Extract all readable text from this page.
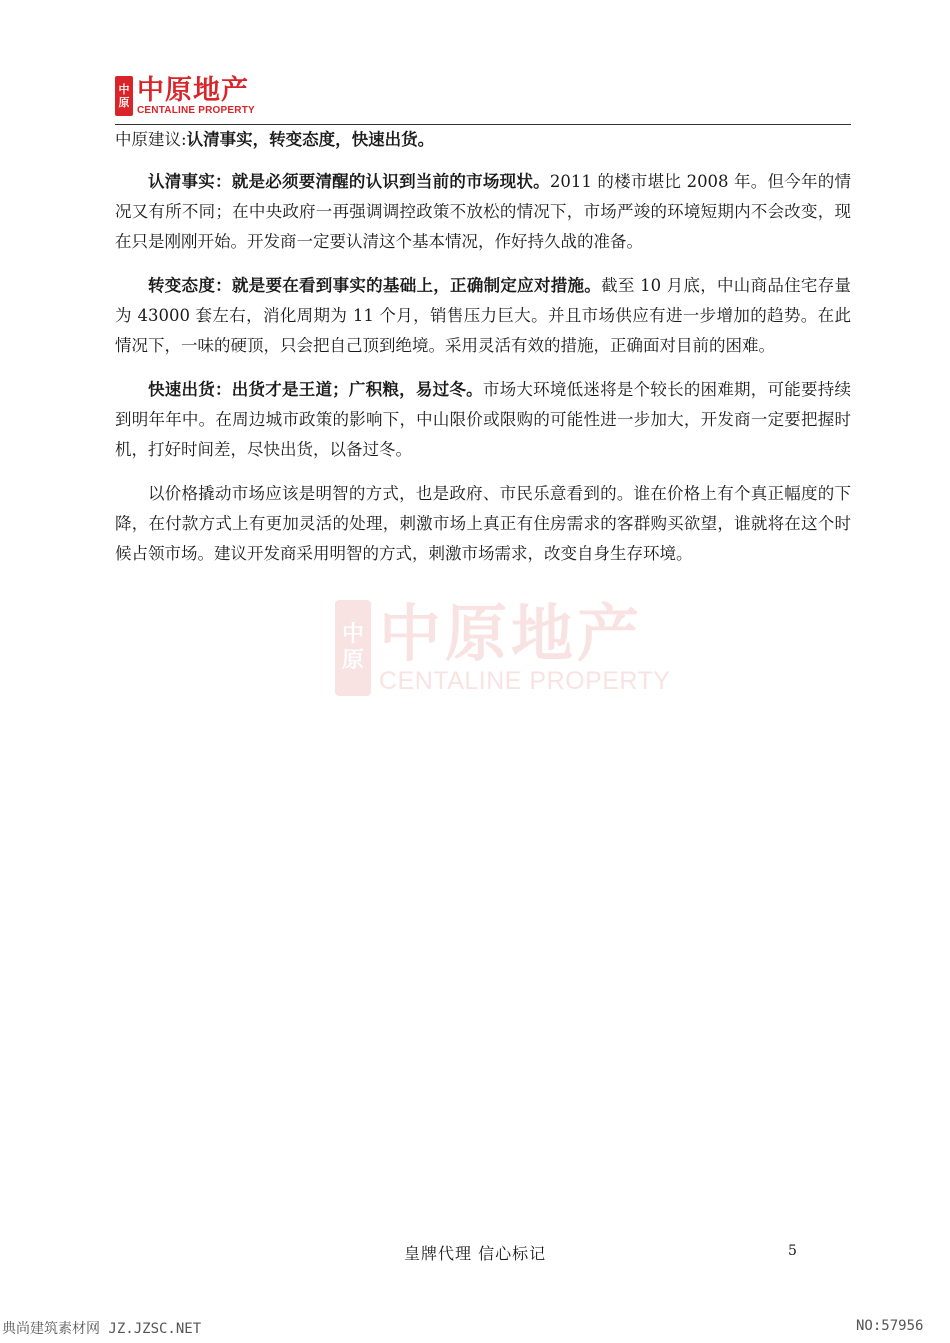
中
原 中原地产
CENTALINE PROPERTY
中
原 中原地产
CENTALINE PROPERTY

中原建议:认清事实，转变态度，快速出货。

认清事实：就是必须要清醒的认识到当前的市场现状。2011 的楼市堪比 2008 年。但今年的情况又有所不同；在中央政府一再强调调控政策不放松的情况下，市场严竣的环境短期内不会改变，现在只是刚刚开始。开发商一定要认清这个基本情况，作好持久战的准备。

转变态度：就是要在看到事实的基础上，正确制定应对措施。截至 10 月底，中山商品住宅存量为 43000 套左右，消化周期为 11 个月，销售压力巨大。并且市场供应有进一步增加的趋势。在此情况下，一味的硬顶，只会把自己顶到绝境。采用灵活有效的措施，正确面对目前的困难。

快速出货：出货才是王道；广积粮，易过冬。市场大环境低迷将是个较长的困难期，可能要持续到明年年中。在周边城市政策的影响下，中山限价或限购的可能性进一步加大，开发商一定要把握时机，打好时间差，尽快出货，以备过冬。

以价格撬动市场应该是明智的方式，也是政府、市民乐意看到的。谁在价格上有个真正幅度的下降，在付款方式上有更加灵活的处理，刺激市场上真正有住房需求的客群购买欲望，谁就将在这个时候占领市场。建议开发商采用明智的方式，刺激市场需求，改变自身生存环境。

皇牌代理 信心标记	5
典尚建筑素材网 JZ.JZSC.NET	NO:57956
